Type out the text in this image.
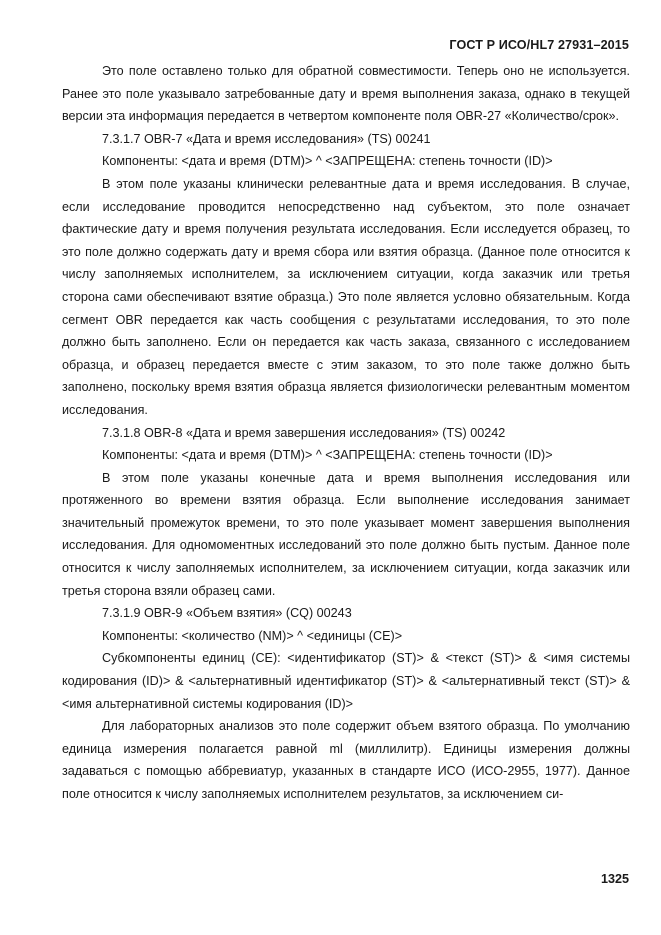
ГОСТ Р ИСО/HL7 27931–2015

Это поле оставлено только для обратной совместимости. Теперь оно не используется. Ранее это поле указывало затребованные дату и время выполнения заказа, однако в текущей версии эта информация передается в четвертом компоненте поля OBR-27 «Количество/срок».

7.3.1.7 OBR-7 «Дата и время исследования» (TS) 00241

Компоненты: <дата и время (DTM)> ^ <ЗАПРЕЩЕНА: степень точности (ID)>

В этом поле указаны клинически релевантные дата и время исследования. В случае, если исследование проводится непосредственно над субъектом, это поле означает фактические дату и время получения результата исследования. Если исследуется образец, то это поле должно содержать дату и время сбора или взятия образца. (Данное поле относится к числу заполняемых исполнителем, за исключением ситуации, когда заказчик или третья сторона сами обеспечивают взятие образца.) Это поле является условно обязательным. Когда сегмент OBR передается как часть сообщения с результатами исследования, то это поле должно быть заполнено. Если он передается как часть заказа, связанного с исследованием образца, и образец передается вместе с этим заказом, то это поле также должно быть заполнено, поскольку время взятия образца является физиологически релевантным моментом исследования.

7.3.1.8 OBR-8 «Дата и время завершения исследования» (TS) 00242

Компоненты: <дата и время (DTM)> ^ <ЗАПРЕЩЕНА: степень точности (ID)>

В этом поле указаны конечные дата и время выполнения исследования или протяженного во времени взятия образца. Если выполнение исследования занимает значительный промежуток времени, то это поле указывает момент завершения выполнения исследования. Для одномоментных исследований это поле должно быть пустым. Данное поле относится к числу заполняемых исполнителем, за исключением ситуации, когда заказчик или третья сторона взяли образец сами.

7.3.1.9 OBR-9 «Объем взятия» (CQ) 00243

Компоненты: <количество (NM)> ^ <единицы (CE)>

Субкомпоненты единиц (CE): <идентификатор (ST)> & <текст (ST)> & <имя системы кодирования (ID)> & <альтернативный идентификатор (ST)> & <альтернативный текст (ST)> & <имя альтернативной системы кодирования (ID)>

Для лабораторных анализов это поле содержит объем взятого образца. По умолчанию единица измерения полагается равной ml (миллилитр). Единицы измерения должны задаваться с помощью аббревиатур, указанных в стандарте ИСО (ИСО-2955, 1977). Данное поле относится к числу заполняемых исполнителем результатов, за исключением си-

1325
